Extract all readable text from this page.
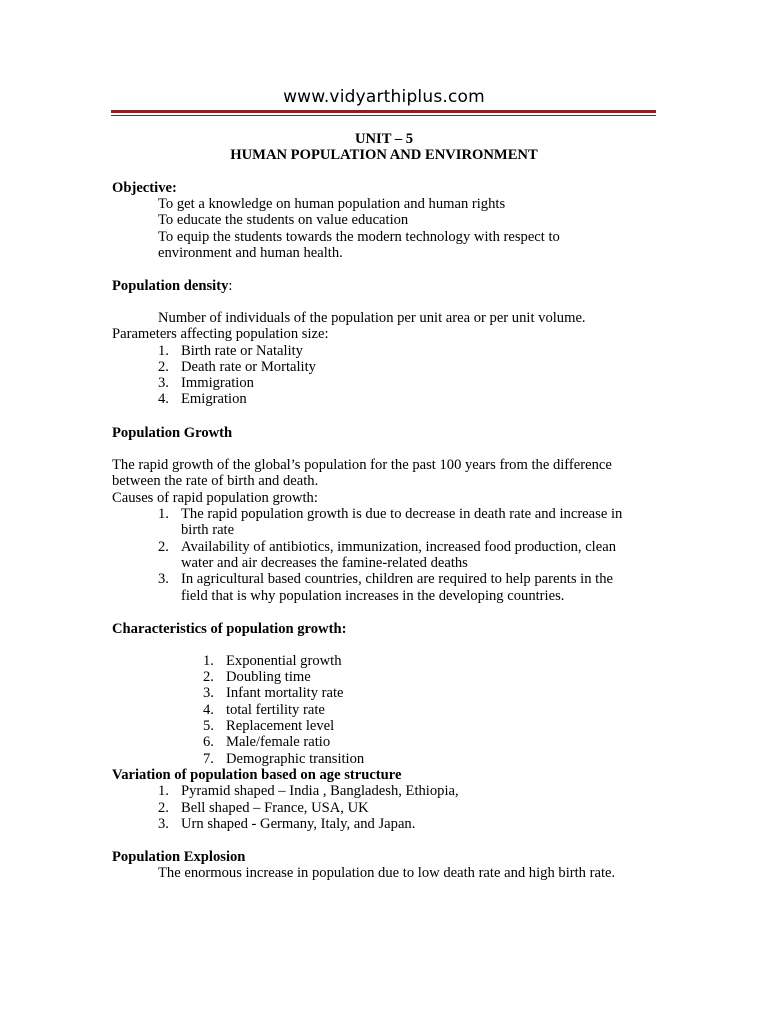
www.vidyarthiplus.com
UNIT – 5
HUMAN POPULATION AND ENVIRONMENT
Objective:
To get a knowledge on human population and human rights
To educate the students on value education
To equip the students towards the modern technology with respect to
environment and human health.
Population density:
Number of individuals of the population per unit area or per unit volume.
Parameters affecting population size:
1. Birth rate or Natality
2. Death rate or Mortality
3. Immigration
4. Emigration
Population Growth
The rapid growth of the global’s population for the past 100 years from the difference
between the rate of birth and death.
Causes of rapid population growth:
1. The rapid population growth is due to decrease in death rate and increase in
birth rate
2. Availability of antibiotics, immunization, increased food production, clean
water and air decreases the famine-related deaths
3. In agricultural based countries, children are required to help parents in the
field that is why population increases in the developing countries.
Characteristics of population growth:
1. Exponential growth
2. Doubling time
3. Infant mortality rate
4. total fertility rate
5. Replacement level
6. Male/female ratio
7. Demographic transition
Variation of population based on age structure
1. Pyramid shaped – India , Bangladesh, Ethiopia,
2. Bell shaped – France, USA, UK
3. Urn shaped - Germany, Italy, and Japan.
Population Explosion
The enormous increase in population due to low death rate and high birth rate.
